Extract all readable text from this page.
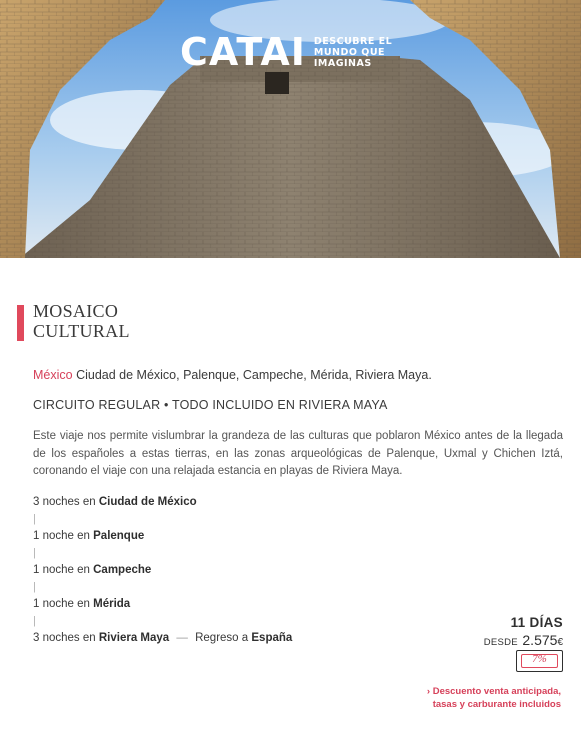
CATAI DESCUBRE EL
MUNDO QUE
IMAGINAS
MOSAICO
CULTURAL
México Ciudad de México, Palenque, Campeche, Mérida, Riviera Maya.
CIRCUITO REGULAR • TODO INCLUIDO EN RIVIERA MAYA
Este viaje nos permite vislumbrar la grandeza de las culturas que poblaron México antes de la llegada de los españoles a estas tierras, en las zonas arqueológicas de Palenque, Uxmal y Chichen Iztá, coronando el viaje con una relajada estancia en playas de Riviera Maya.
3 noches en Ciudad de México
|
1 noche en Palenque
|
1 noche en Campeche
|
1 noche en Mérida
|
3 noches en Riviera Maya — Regreso a España
11 DÍAS
DESDE 2.575€
7%
› Descuento venta anticipada,
tasas y carburante incluidos
